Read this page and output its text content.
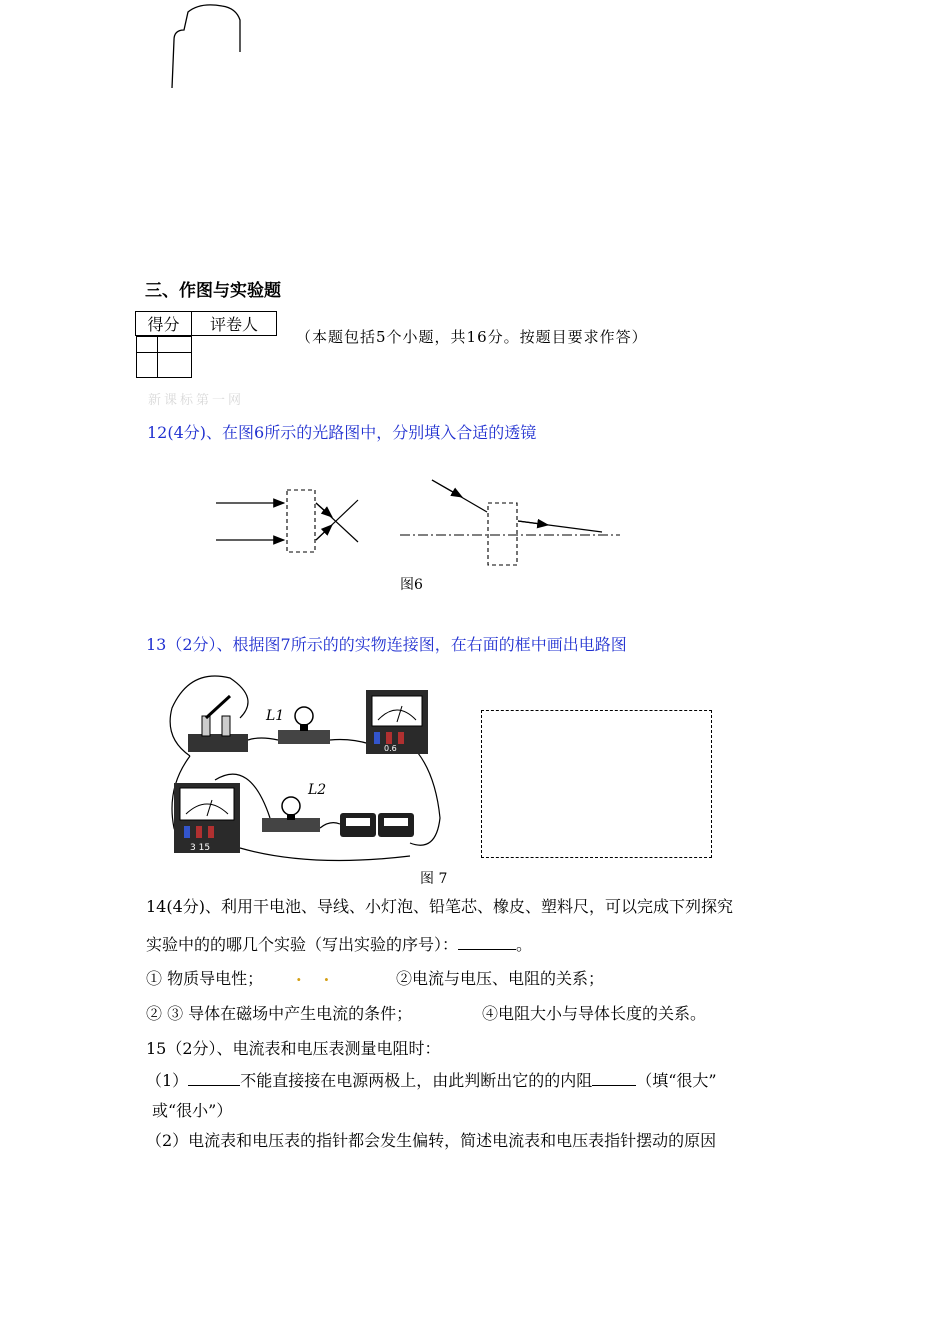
三、作图与实验题
得分	评卷人

（本题包括5个小题，共16分。按题目要求作答）
新课标第一网
12(4分)、在图6所示的光路图中，分别填入合适的透镜
图6
13（2分）、根据图7所示的的实物连接图，在右面的框中画出电路图
L1
L2
0.6
3 15
图 7
14(4分)、利用干电池、导线、小灯泡、铅笔芯、橡皮、塑料尺，可以完成下列探究
实验中的的哪几个实验（写出实验的序号）：	。
① 物质导电性； ..	②电流与电压、电阻的关系；
② ③ 导体在磁场中产生电流的条件；	④电阻大小与导体长度的关系。
15（2分）、电流表和电压表测量电阻时：
（1）	不能直接接在电源两极上，由此判断出它的的内阻	（填“很大”
或“很小”）
（2）电流表和电压表的指针都会发生偏转，简述电流表和电压表指针摆动的原因
